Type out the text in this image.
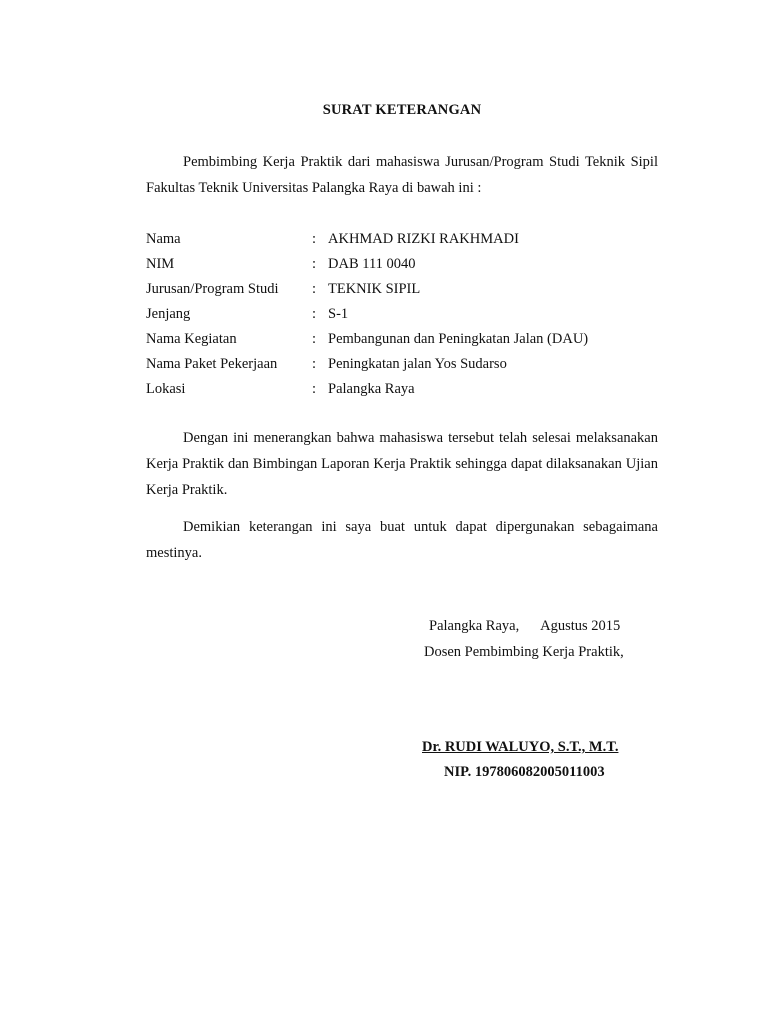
SURAT KETERANGAN

Pembimbing Kerja Praktik dari mahasiswa Jurusan/Program Studi Teknik Sipil Fakultas Teknik Universitas Palangka Raya di bawah ini :

Nama	: AKHMAD RIZKI RAKHMADI
NIM	: DAB 111 0040
Jurusan/Program Studi	: TEKNIK SIPIL
Jenjang	: S-1
Nama Kegiatan	: Pembangunan dan Peningkatan Jalan (DAU)
Nama Paket Pekerjaan	: Peningkatan jalan Yos Sudarso
Lokasi	: Palangka Raya

Dengan ini menerangkan bahwa mahasiswa tersebut telah selesai melaksanakan Kerja Praktik dan Bimbingan Laporan Kerja Praktik sehingga dapat dilaksanakan Ujian Kerja Praktik.

Demikian keterangan ini saya buat untuk dapat dipergunakan sebagaimana mestinya.

Palangka Raya,      Agustus 2015
Dosen Pembimbing Kerja Praktik,
Dr. RUDI WALUYO, S.T., M.T.
NIP. 197806082005011003
